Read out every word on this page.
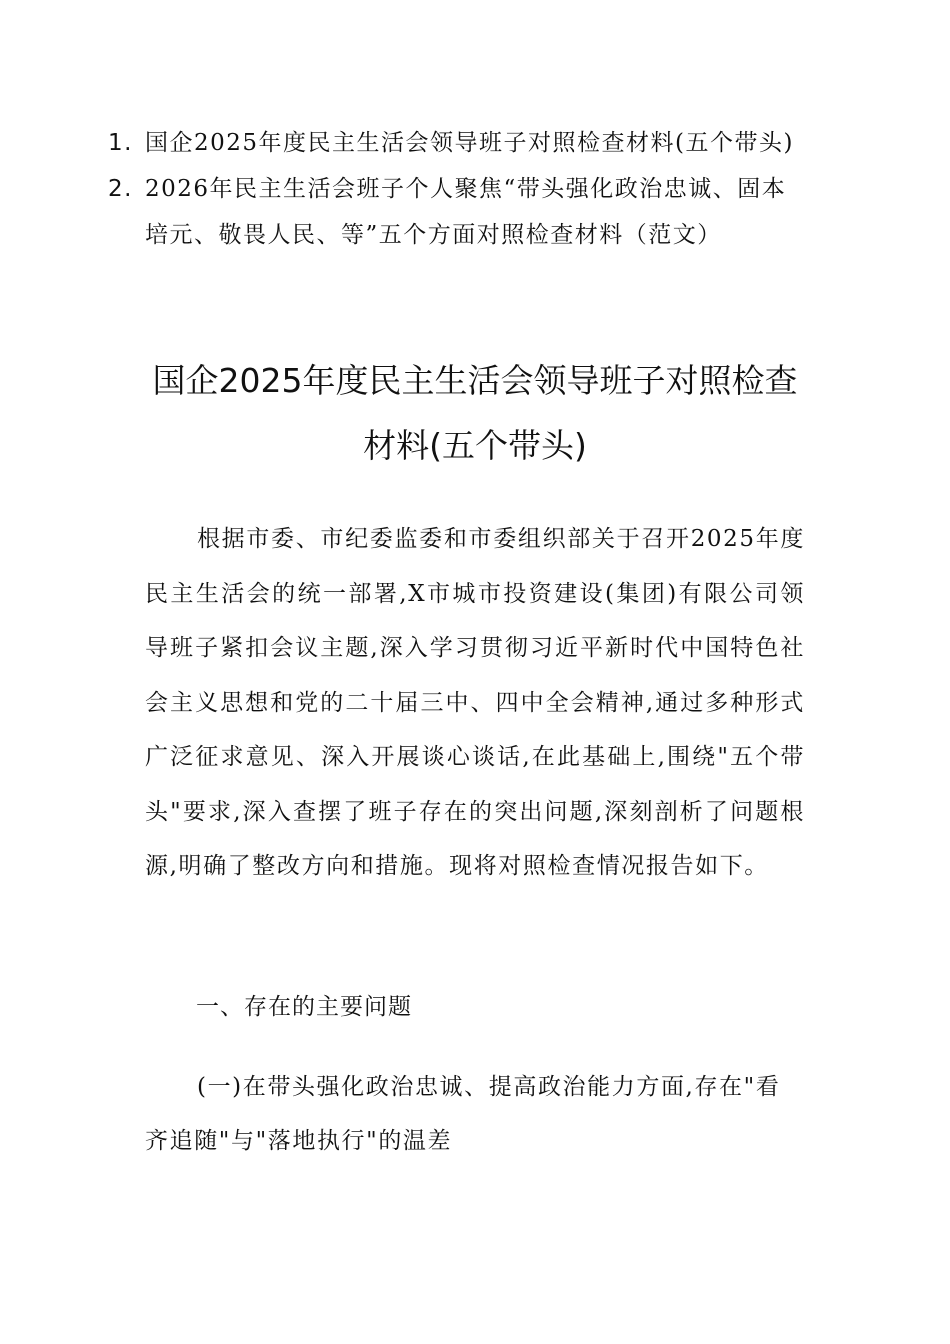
1. 国企2025年度民主生活会领导班子对照检查材料(五个带头)
2. 2026年民主生活会班子个人聚焦“带头强化政治忠诚、固本培元、敬畏人民、等”五个方面对照检查材料（范文）
国企2025年度民主生活会领导班子对照检查材料(五个带头)

根据市委、市纪委监委和市委组织部关于召开2025年度民主生活会的统一部署,X市城市投资建设(集团)有限公司领导班子紧扣会议主题,深入学习贯彻习近平新时代中国特色社会主义思想和党的二十届三中、四中全会精神,通过多种形式广泛征求意见、深入开展谈心谈话,在此基础上,围绕"五个带头"要求,深入查摆了班子存在的突出问题,深刻剖析了问题根源,明确了整改方向和措施。现将对照检查情况报告如下。

一、存在的主要问题

(一)在带头强化政治忠诚、提高政治能力方面,存在"看齐追随"与"落地执行"的温差
